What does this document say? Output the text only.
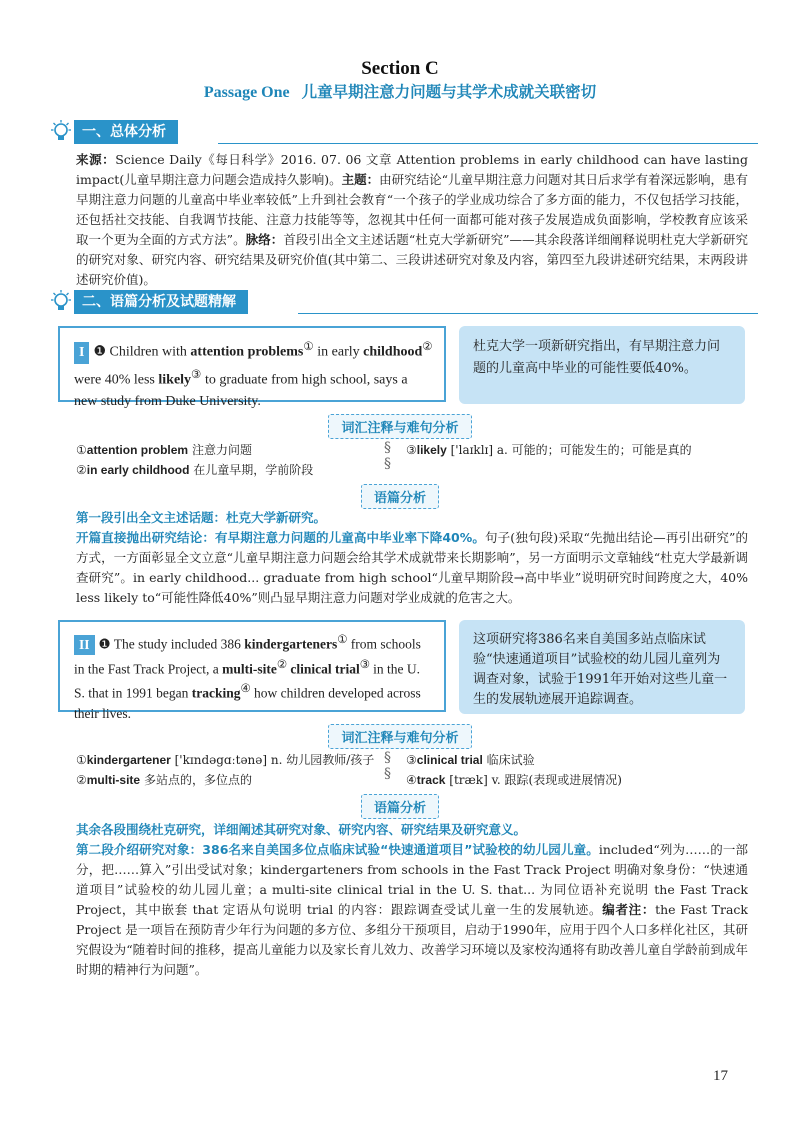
Section C
Passage One 儿童早期注意力问题与其学术成就关联密切
一、总体分析
来源：Science Daily《每日科学》2016. 07. 06 文章 Attention problems in early childhood can have lasting impact(儿童早期注意力问题会造成持久影响)。主题：由研究结论“儿童早期注意力问题对其日后求学有着深远影响，患有早期注意力问题的儿童高中毕业率较低”上升到社会教育“一个孩子的学业成功综合了多方面的能力，不仅包括学习技能，还包括社交技能、自我调节技能、注意力技能等等，忽视其中任何一面都可能对孩子发展造成负面影响，学校教育应该采取一个更为全面的方式方法”。脉络：首段引出全文主述话题“杜克大学新研究”——其余段落详细阐释说明杜克大学新研究的研究对象、研究内容、研究结果及研究价值(其中第二、三段讲述研究对象及内容，第四至九段讲述研究结果，末两段讲述研究价值)。
二、语篇分析及试题精解
I ❶ Children with attention problems① in early childhood② were 40% less likely③ to graduate from high school, says a new study from Duke University.
杜克大学一项新研究指出，有早期注意力问题的儿童高中毕业的可能性要低40%。
词汇注释与难句分析
①attention problem 注意力问题
②in early childhood 在儿童早期，学前阶段
§
§
③likely ['laɪklɪ] a. 可能的；可能发生的；可能是真的
语篇分析
第一段引出全文主述话题：杜克大学新研究。
开篇直接抛出研究结论：有早期注意力问题的儿童高中毕业率下降40%。句子(独句段)采取“先抛出结论—再引出研究”的方式，一方面彰显全文立意“儿童早期注意力问题会给其学术成就带来长期影响”，另一方面明示文章轴线“杜克大学最新调查研究”。in early childhood... graduate from high school“儿童早期阶段→高中毕业”说明研究时间跨度之大，40% less likely to“可能性降低40%”则凸显早期注意力问题对学业成就的危害之大。
II ❶ The study included 386 kindergarteners① from schools in the Fast Track Project, a multi-site② clinical trial③ in the U. S. that in 1991 began tracking④ how children developed across their lives.
这项研究将386名来自美国多站点临床试验“快速通道项目”试验校的幼儿园儿童列为调查对象，试验于1991年开始对这些儿童一生的发展轨迹展开追踪调查。
词汇注释与难句分析
①kindergartener ['kɪndəgɑːtənə] n. 幼儿园教师/孩子
②multi-site 多站点的，多位点的
§
§
③clinical trial 临床试验
④track [træk] v. 跟踪(表现或进展情况)
语篇分析
其余各段围绕杜克研究，详细阐述其研究对象、研究内容、研究结果及研究意义。
第二段介绍研究对象：386名来自美国多位点临床试验“快速通道项目”试验校的幼儿园儿童。included“列为……的一部分，把……算入”引出受试对象；kindergarteners from schools in the Fast Track Project 明确对象身份：“快速通道项目”试验校的幼儿园儿童；a multi-site clinical trial in the U. S. that... 为同位语补充说明 the Fast Track Project，其中嵌套 that 定语从句说明 trial 的内容：跟踪调查受试儿童一生的发展轨迹。编者注：the Fast Track Project 是一项旨在预防青少年行为问题的多方位、多组分干预项目，启动于1990年，应用于四个人口多样化社区，其研究假设为“随着时间的推移，提高儿童能力以及家长育儿效力、改善学习环境以及家校沟通将有助改善儿童自学龄前到成年时期的精神行为问题”。
17
